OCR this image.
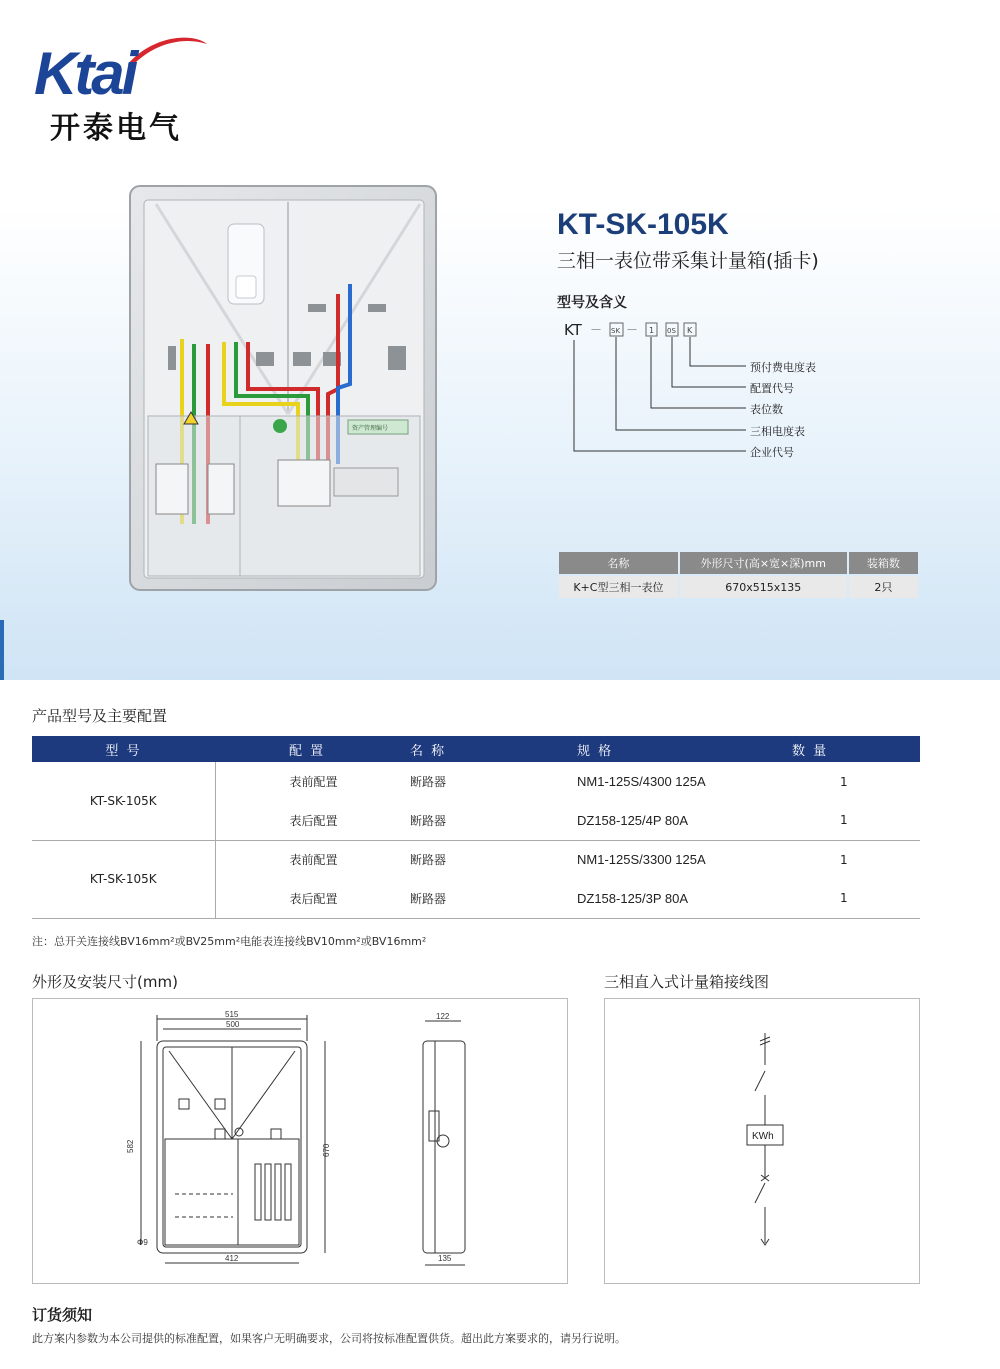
Ktai
开泰电气
资产管理编号
KT-SK-105K
三相一表位带采集计量箱(插卡)
型号及含义
KT － SK － 1 0S K
预付费电度表
配置代号
表位数
三相电度表
企业代号
名称	外形尺寸(高×宽×深)mm	装箱数
K+C型三相一表位	670x515x135	2只
产品型号及主要配置
型 号	配 置	名 称	规 格	数 量
KT-SK-105K	表前配置	断路器	NM1-125S/4300 125A	1
	表后配置	断路器	DZ158-125/4P 80A	1
KT-SK-105K	表前配置	断路器	NM1-125S/3300 125A	1
	表后配置	断路器	DZ158-125/3P 80A	1
注：总开关连接线BV16mm²或BV25mm²电能表连接线BV10mm²或BV16mm²
外形及安装尺寸(mm)
515
500
582	670
412
Φ9
122
135
三相直入式计量箱接线图
KWh
订货须知
此方案内参数为本公司提供的标准配置，如果客户无明确要求，公司将按标准配置供货。超出此方案要求的，请另行说明。
